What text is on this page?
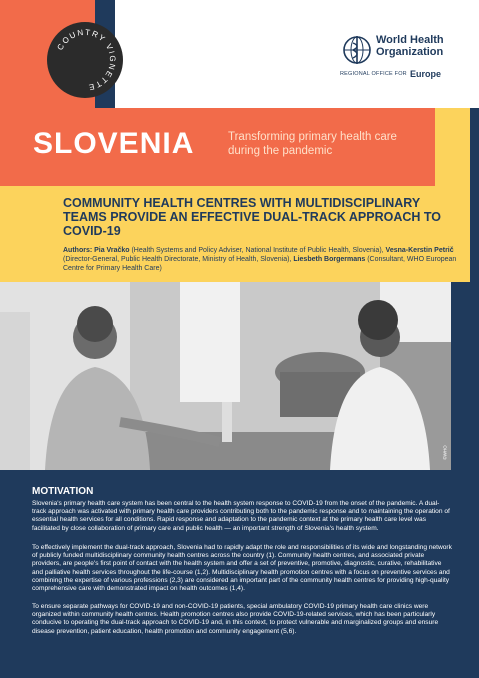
COUNTRY VIGNETTE
World Health
Organization
REGIONAL OFFICE FOR Europe
SLOVENIA	Transforming primary health care during the pandemic
COMMUNITY HEALTH CENTRES WITH MULTIDISCIPLINARY TEAMS PROVIDE AN EFFECTIVE DUAL-TRACK APPROACH TO COVID-19
Authors: Pia Vračko (Health Systems and Policy Adviser, National Institute of Public Health, Slovenia), Vesna-Kerstin Petrič (Director-General, Public Health Directorate, Ministry of Health, Slovenia), Liesbeth Borgermans (Consultant, WHO European Centre for Primary Health Care)
©WHO
MOTIVATION
Slovenia's primary health care system has been central to the health system response to COVID-19 from the onset of the pandemic. A dual-track approach was activated with primary health care providers contributing both to the pandemic response and to maintaining the operation of essential health services for all conditions. Rapid response and adaptation to the pandemic context at the primary health care level was facilitated by close collaboration of primary care and public health — an important strength of Slovenia's health system.
To effectively implement the dual-track approach, Slovenia had to rapidly adapt the role and responsibilities of its wide and longstanding network of publicly funded multidisciplinary community health centres across the country (1). Community health centres, and associated private providers, are people's first point of contact with the health system and offer a set of preventive, promotive, diagnostic, curative, rehabilitative and palliative health services throughout the life-course (1,2). Multidisciplinary health promotion centres with a focus on preventive services and combining the expertise of various professions (2,3) are considered an important part of the community health centres for providing high-quality comprehensive care with demonstrated impact on health outcomes (1,4).
To ensure separate pathways for COVID-19 and non-COVID-19 patients, special ambulatory COVID-19 primary health care clinics were organized within community health centres. Health promotion centres also provide COVID-19-related services, which has been particularly conducive to operating the dual-track approach to COVID-19 and, in this context, to protect vulnerable and marginalized groups and ensure disease prevention, patient education, health promotion and community engagement (5,6).
